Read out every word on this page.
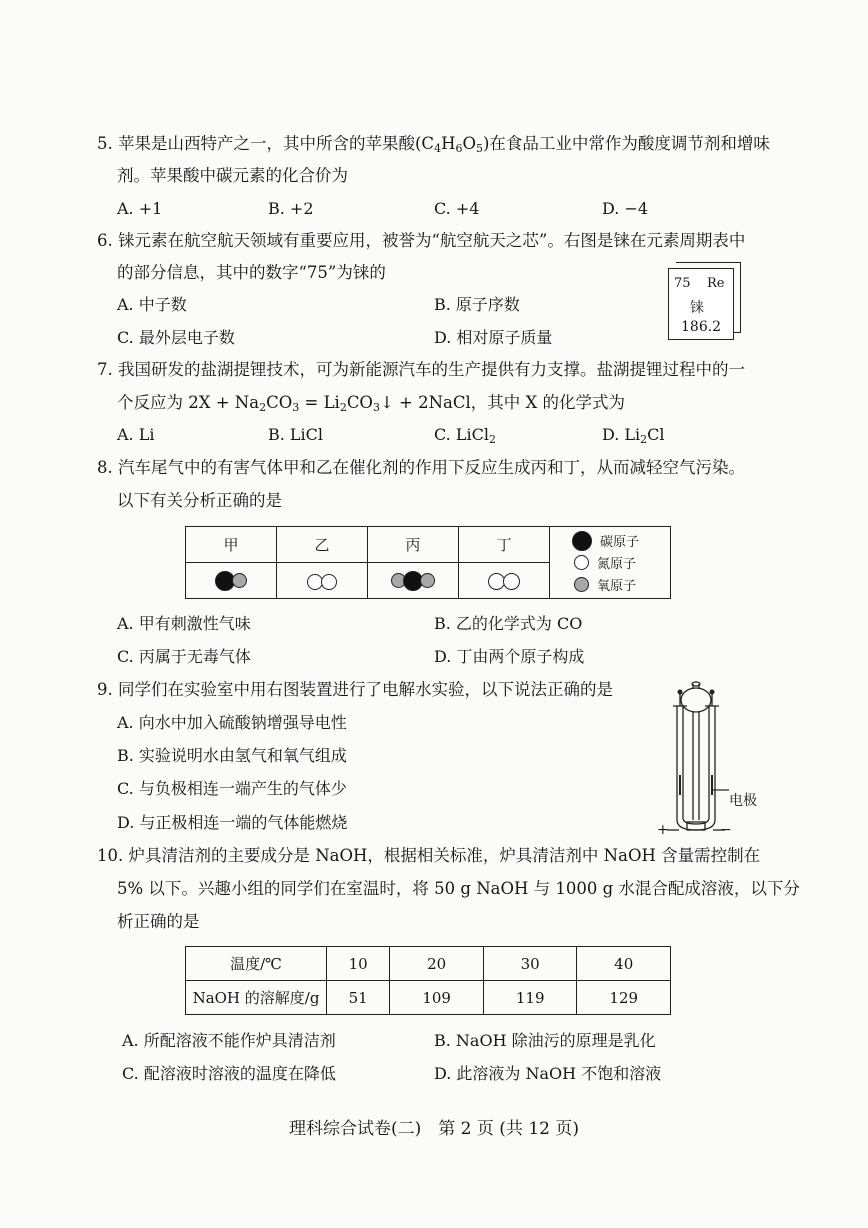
5. 苹果是山西特产之一，其中所含的苹果酸$(C_4H_6O_5)$在食品工业中常作为酸度调节剂和增味
剂。苹果酸中碳元素的化合价为
A. +1	B. +2	C. +4	D. −4
6. 铼元素在航空航天领域有重要应用，被誉为“航空航天之芯”。右图是铼在元素周期表中
的部分信息，其中的数字“75”为铼的
A. 中子数	B. 原子序数
C. 最外层电子数	D. 相对原子质量
75 Re
铼
186.2
7. 我国研发的盐湖提锂技术，可为新能源汽车的生产提供有力支撑。盐湖提锂过程中的一
个反应为 $2X + Na_2CO_3$ = $Li_2CO_3↓$ + 2NaCl，其中 X 的化学式为
A. Li	B. LiCl	C. LiCl$_2$	D. $Li_2Cl$
8. 汽车尾气中的有害气体甲和乙在催化剂的作用下反应生成丙和丁，从而减轻空气污染。
以下有关分析正确的是
甲	乙	丙	丁	碳原子
氮原子
氧原子

A. 甲有刺激性气味	B. 乙的化学式为 CO
C. 丙属于无毒气体	D. 丁由两个原子构成
9. 同学们在实验室中用右图装置进行了电解水实验，以下说法正确的是
A. 向水中加入硫酸钠增强导电性
B. 实验说明水由氢气和氧气组成
C. 与负极相连一端产生的气体少
D. 与正极相连一端的气体能燃烧
电极
+	−
10. 炉具清洁剂的主要成分是 NaOH，根据相关标准，炉具清洁剂中 NaOH 含量需控制在
5% 以下。兴趣小组的同学们在室温时，将 50 g NaOH 与 1000 g 水混合配成溶液，以下分
析正确的是
温度/℃	10	20	30	40
NaOH 的溶解度/g	51	109	119	129
A. 所配溶液不能作炉具清洁剂	B. NaOH 除油污的原理是乳化
C. 配溶液时溶液的温度在降低	D. 此溶液为 NaOH 不饱和溶液
理科综合试卷(二)　第 2 页 (共 12 页)
